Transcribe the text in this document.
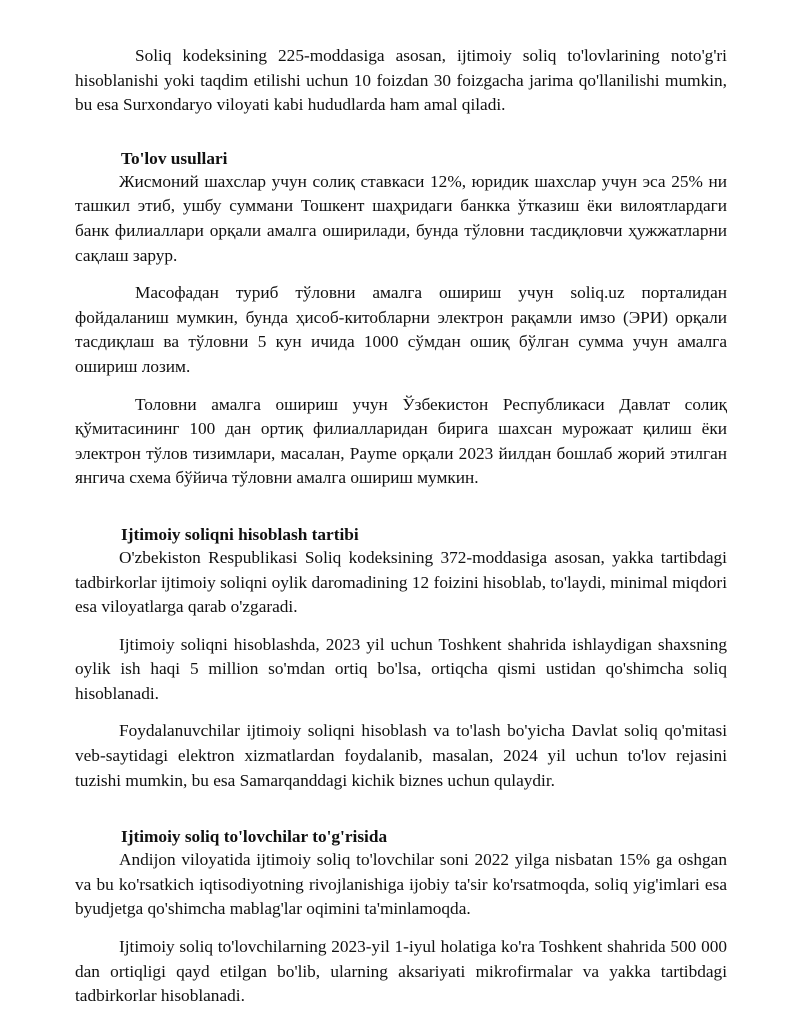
Soliq kodeksining 225-moddasiga asosan, ijtimoiy soliq to'lovlarining noto'g'ri hisoblanishi yoki taqdim etilishi uchun 10 foizdan 30 foizgacha jarima qo'llanilishi mumkin, bu esa Surxondaryo viloyati kabi hududlarda ham amal qiladi.

To'lov usullari

Жисмоний шахслар учун солиқ ставкаси 12%, юридик шахслар учун эса 25% ни ташкил этиб, ушбу суммани Тошкент шаҳридаги банкка ўтказиш ёки вилоятлардаги банк филиаллари орқали амалга оширилади, бунда тўловни тасдиқловчи ҳужжатларни сақлаш зарур.

Масофадан туриб тўловни амалга ошириш учун soliq.uz порталидан фойдаланиш мумкин, бунда ҳисоб-китобларни электрон рақамли имзо (ЭРИ) орқали тасдиқлаш ва тўловни 5 кун ичида 1000 сўмдан ошиқ бўлган сумма учун амалга ошириш лозим.

Толовни амалга ошириш учун Ўзбекистон Республикаси Давлат солиқ қўмитасининг 100 дан ортиқ филиалларидан бирига шахсан мурожаат қилиш ёки электрон тўлов тизимлари, масалан, Payme орқали 2023 йилдан бошлаб жорий этилган янгича схема бўйича тўловни амалга ошириш мумкин.

Ijtimoiy soliqni hisoblash tartibi

O'zbekiston Respublikasi Soliq kodeksining 372-moddasiga asosan, yakka tartibdagi tadbirkorlar ijtimoiy soliqni oylik daromadining 12 foizini hisoblab, to'laydi, minimal miqdori esa viloyatlarga qarab o'zgaradi.

Ijtimoiy soliqni hisoblashda, 2023 yil uchun Toshkent shahrida ishlaydigan shaxsning oylik ish haqi 5 million so'mdan ortiq bo'lsa, ortiqcha qismi ustidan qo'shimcha soliq hisoblanadi.

Foydalanuvchilar ijtimoiy soliqni hisoblash va to'lash bo'yicha Davlat soliq qo'mitasi veb-saytidagi elektron xizmatlardan foydalanib, masalan, 2024 yil uchun to'lov rejasini tuzishi mumkin, bu esa Samarqanddagi kichik biznes uchun qulaydir.

Ijtimoiy soliq to'lovchilar to'g'risida

Andijon viloyatida ijtimoiy soliq to'lovchilar soni 2022 yilga nisbatan 15% ga oshgan va bu ko'rsatkich iqtisodiyotning rivojlanishiga ijobiy ta'sir ko'rsatmoqda, soliq yig'imlari esa byudjetga qo'shimcha mablag'lar oqimini ta'minlamoqda.

Ijtimoiy soliq to'lovchilarning 2023-yil 1-iyul holatiga ko'ra Toshkent shahrida 500 000 dan ortiqligi qayd etilgan bo'lib, ularning aksariyati mikrofirmalar va yakka tartibdagi tadbirkorlar hisoblanadi.
